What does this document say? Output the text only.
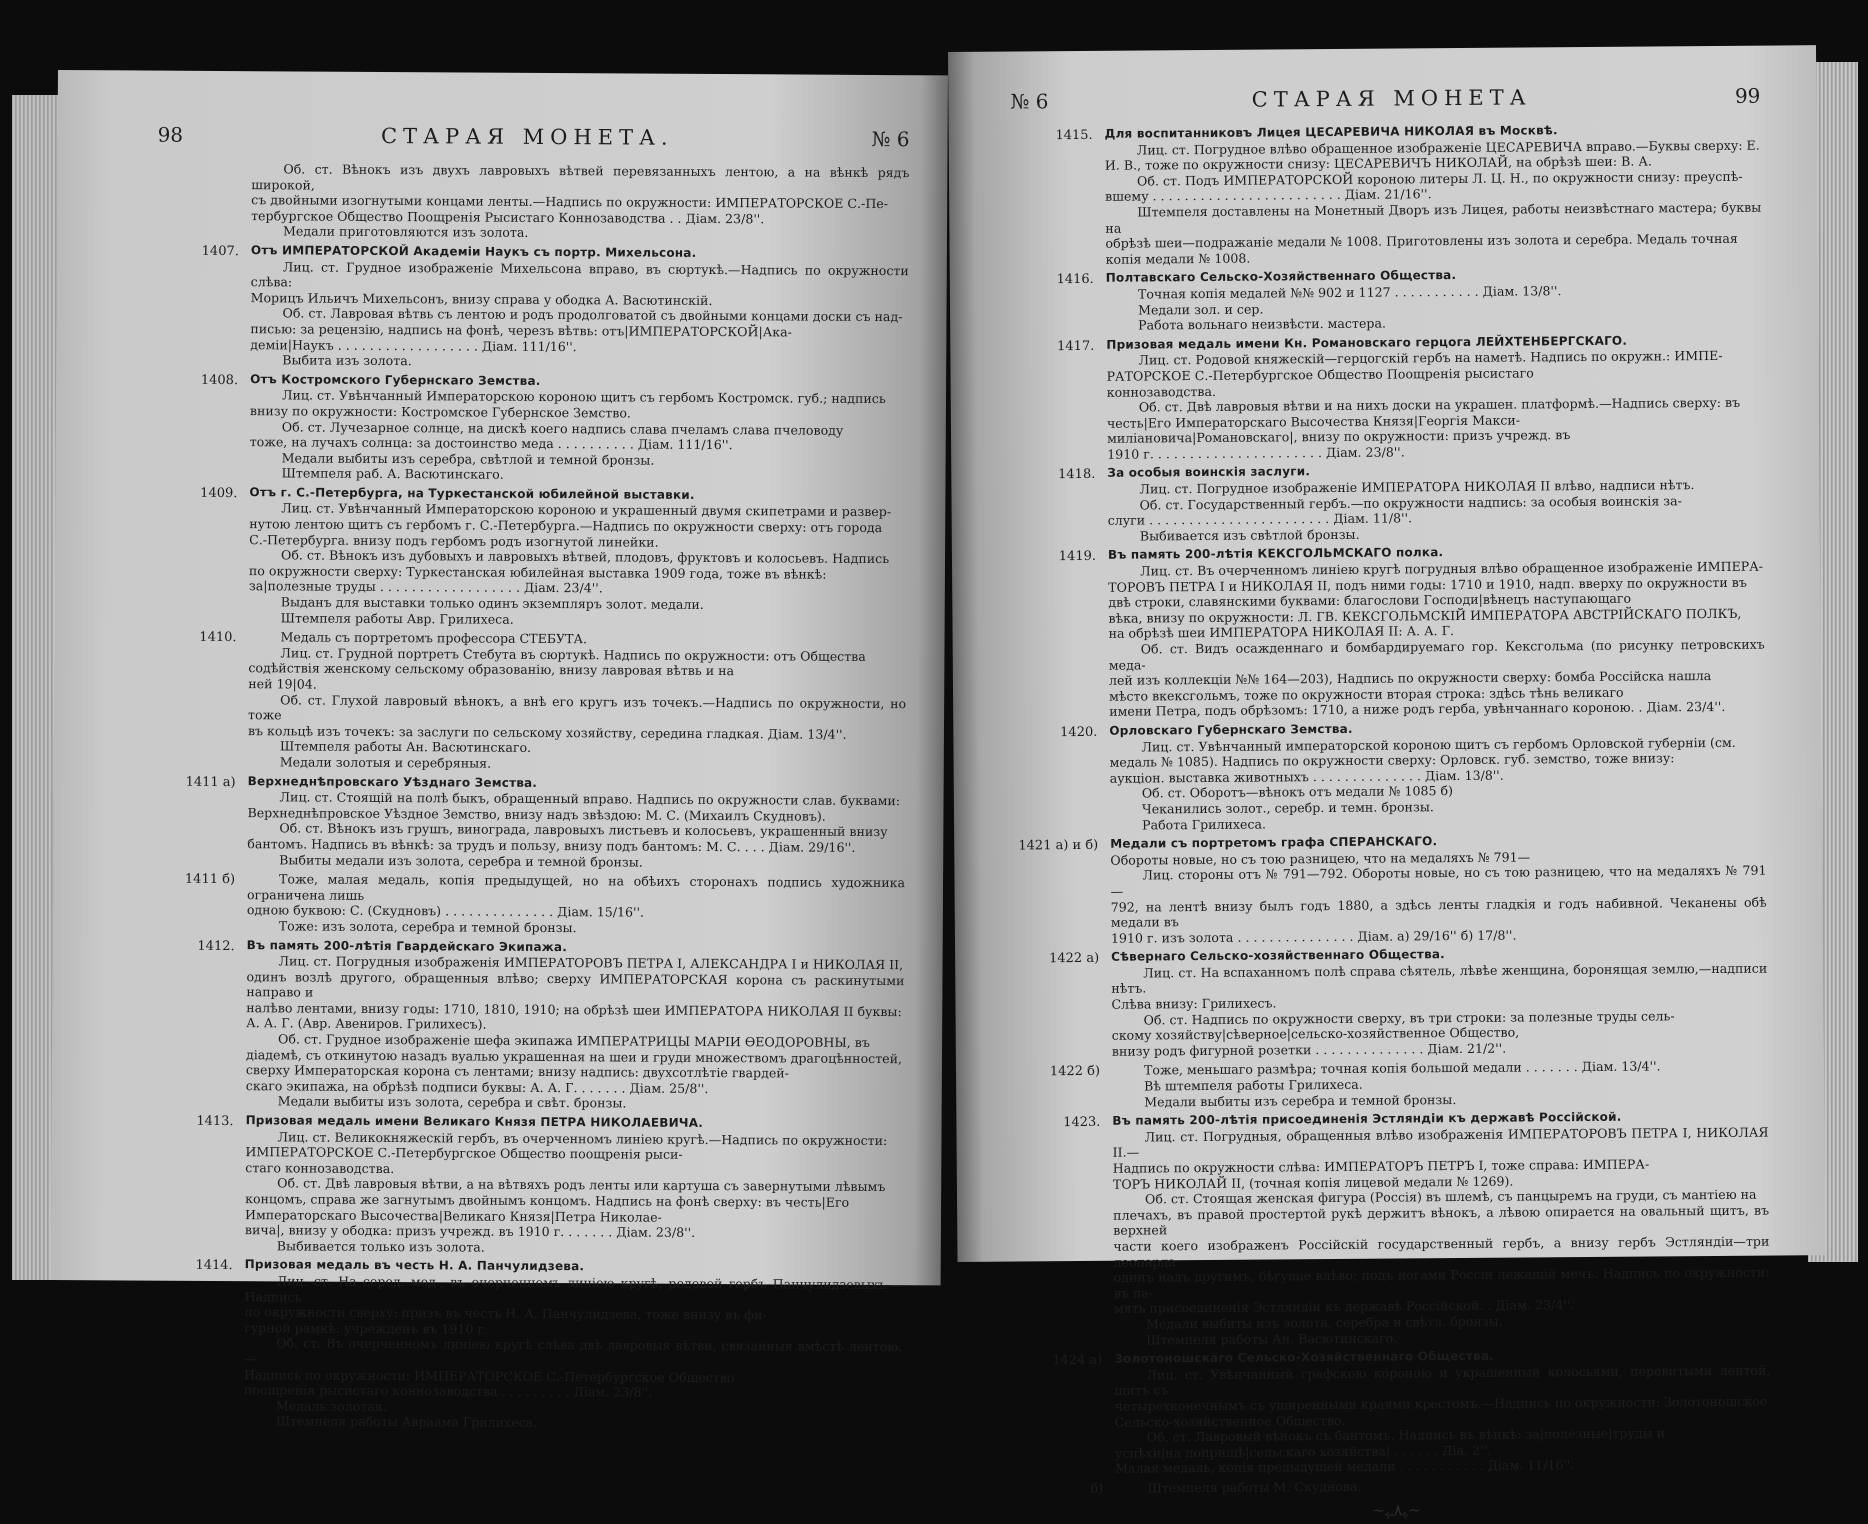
98	СТАРАЯ МОНЕТА.	№ 6
Об. ст. Вѣнокъ изъ двухъ лавровыхъ вѣтвей перевязанныхъ лентою, а на вѣнкѣ рядъ широкой,
съ двойными изогнутыми концами ленты.—Надпись по окружности: ИМПЕРАТОРСКОЕ С.-Пе-
тербургское Общество Поощренія Рысистаго Коннозаводства . . Діам. 23/8''.
Медали приготовляются изъ золота.
1407. Отъ ИМПЕРАТОРСКОЙ Академіи Наукъ съ портр. Михельсона.
Лиц. ст. Грудное изображеніе Михельсона вправо, въ сюртукѣ.—Надпись по окружности слѣва:
Морицъ Ильичъ Михельсонъ, внизу справа у ободка А. Васютинскій.
Об. ст. Лавровая вѣтвь съ лентою и родъ продолговатой съ двойными концами доски съ над-
писью: за рецензію, надпись на фонѣ, черезъ вѣтвь: отъ|ИМПЕРАТОРСКОЙ|Ака-
деміи|Наукъ . . . . . . . . . . . . . . . . . . Діам. 111/16''.
Выбита изъ золота.
1408. Отъ Костромского Губернскаго Земства.
Лиц. ст. Увѣнчанный Императорскою короною щитъ съ гербомъ Костромск. губ.; надпись
внизу по окружности: Костромское Губернское Земство.
Об. ст. Лучезарное солнце, на дискѣ коего надпись слава пчеламъ слава пчеловоду
тоже, на лучахъ солнца: за достоинство меда . . . . . . . . . . Діам. 111/16''.
Медали выбиты изъ серебра, свѣтлой и темной бронзы.
Штемпеля раб. А. Васютинскаго.
1409. Отъ г. С.-Петербурга, на Туркестанской юбилейной выставки.
Лиц. ст. Увѣнчанный Императорскою короною и украшенный двумя скипетрами и развер-
нутою лентою щитъ съ гербомъ г. С.-Петербурга.—Надпись по окружности сверху: отъ города
С.-Петербурга. внизу подъ гербомъ родъ изогнутой линейки.
Об. ст. Вѣнокъ изъ дубовыхъ и лавровыхъ вѣтвей, плодовъ, фруктовъ и колосьевъ. Надпись
по окружности сверху: Туркестанская юбилейная выставка 1909 года, тоже въ вѣнкѣ:
за|полезные труды . . . . . . . . . . . . . . . . . . Діам. 23/4''.
Выданъ для выставки только одинъ экземпляръ золот. медали.
Штемпеля работы Авр. Грилихеса.
1410.	Медаль съ портретомъ профессора СТЕБУТА.
Лиц. ст. Грудной портретъ Стебута въ сюртукѣ. Надпись по окружности: отъ Общества
содѣйствія женскому сельскому образованію, внизу лавровая вѣтвь и на
ней 19|04.
Об. ст. Глухой лавровый вѣнокъ, а внѣ его кругъ изъ точекъ.—Надпись по окружности, но тоже
въ кольцѣ изъ точекъ: за заслуги по сельскому хозяйству, середина гладкая. Діам. 13/4''.
Штемпеля работы Ан. Васютинскаго.
Медали золотыя и серебряныя.
1411 а) Верхнеднѣпровскаго Уѣзднаго Земства.
Лиц. ст. Стоящій на полѣ быкъ, обращенный вправо. Надпись по окружности слав. буквами:
Верхнеднѣпровское Уѣздное Земство, внизу надъ звѣздою: М. С. (Михаилъ Скудновъ).
Об. ст. Вѣнокъ изъ грушъ, винограда, лавровыхъ листьевъ и колосьевъ, украшенный внизу
бантомъ. Надпись въ вѣнкѣ: за трудъ и пользу, внизу подъ бантомъ: М. С. . . . Діам. 29/16''.
Выбиты медали изъ золота, серебра и темной бронзы.
1411 б)	Тоже, малая медаль, копія предыдущей, но на обѣихъ сторонахъ подпись художника ограничена лишь
одною буквою: С. (Скудновъ) . . . . . . . . . . . . . . Діам. 15/16''.
Тоже: изъ золота, серебра и темной бронзы.
1412. Въ память 200-лѣтія Гвардейскаго Экипажа.
Лиц. ст. Погрудныя изображенія ИМПЕРАТОРОВЪ ПЕТРА I, АЛЕКСАНДРА I и НИКОЛАЯ II,
одинъ возлѣ другого, обращенныя влѣво; сверху ИМПЕРАТОРСКАЯ корона съ раскинутыми направо и
налѣво лентами, внизу годы: 1710, 1810, 1910; на обрѣзѣ шеи ИМПЕРАТОРА НИКОЛАЯ II буквы:
А. А. Г. (Авр. Авениров. Грилихесъ).
Об. ст. Грудное изображеніе шефа экипажа ИМПЕРАТРИЦЫ МАРІИ ѲЕОДОРОВНЫ, въ
діадемѣ, съ откинутою назадъ вуалью украшенная на шеи и груди множествомъ драгоцѣнностей,
сверху Императорская корона съ лентами; внизу надпись: двухсотлѣтіе гвардей-
скаго экипажа, на обрѣзѣ подписи буквы: А. А. Г. . . . . . . Діам. 25/8''.
Медали выбиты изъ золота, серебра и свѣт. бронзы.
1413. Призовая медаль имени Великаго Князя ПЕТРА НИКОЛАЕВИЧА.
Лиц. ст. Великокняжескій гербъ, въ очерченномъ линіею кругѣ.—Надпись по окружности:
ИМПЕРАТОРСКОЕ С.-Петербургское Общество поощренія рыси-
стаго коннозаводства.
Об. ст. Двѣ лавровыя вѣтви, а на вѣтвяхъ родъ ленты или картуша съ завернутыми лѣвымъ
концомъ, справа же загнутымъ двойнымъ концомъ. Надпись на фонѣ сверху: въ честь|Его
Императорскаго Высочества|Великаго Князя|Петра Николае-
вича|, внизу у ободка: призъ учрежд. въ 1910 г. . . . . . . Діам. 23/8''.
Выбивается только изъ золота.
1414. Призовая медаль въ честь Н. А. Панчулидзева.
Лиц. ст. На серед. мед., въ очерченномъ линіею кругѣ, родовой гербъ Панчулидзевыхъ.—Надпись
по окружности сверху: призъ въ честь Н. А. Панчулидзева, тоже внизу въ фи-
гурной рамкѣ: учрежденъ въ 1910 г.
Об. ст. Въ очерченномъ линіею кругѣ слѣва двѣ лавровыя вѣтви, связанныя вмѣстѣ лентою.—
Надпись по окружности: ИМПЕРАТОРСКОЕ С.-Петербургское Общество
поощренія рысистаго коннозаводства . . . . . . . . . Діам. 23/8''.
Медаль золотая.
Штемпеля работы Авраама Грилихеса.
№ 6	СТАРАЯ МОНЕТА	99
1415. Для воспитанниковъ Лицея ЦЕСАРЕВИЧА НИКОЛАЯ въ Москвѣ.
Лиц. ст. Погрудное влѣво обращенное изображеніе ЦЕСАРЕВИЧА вправо.—Буквы сверху: Е.
И. В., тоже по окружности снизу: ЦЕСАРЕВИЧЪ НИКОЛАЙ, на обрѣзѣ шеи: В. А.
Об. ст. Подъ ИМПЕРАТОРСКОЙ короною литеры Л. Ц. Н., по окружности снизу: преуспѣ-
вшему . . . . . . . . . . . . . . . . . . . . . . . . Діам. 21/16''.
Штемпеля доставлены на Монетный Дворъ изъ Лицея, работы неизвѣстнаго мастера; буквы на
обрѣзѣ шеи—подражаніе медали № 1008. Приготовлены изъ золота и серебра. Медаль точная
копія медали № 1008.
1416. Полтавскаго Сельско-Хозяйственнаго Общества.
Точная копія медалей №№ 902 и 1127 . . . . . . . . . . . Діам. 13/8''.
Медали зол. и сер.
Работа вольнаго неизвѣсти. мастера.
1417. Призовая медаль имени Кн. Романовскаго герцога ЛЕЙХТЕНБЕРГСКАГО.
Лиц. ст. Родовой княжескій—герцогскій гербъ на наметѣ. Надпись по окружн.: ИМПЕ-
РАТОРСКОЕ С.-Петербургское Общество Поощренія рысистаго
коннозаводства.
Об. ст. Двѣ лавровыя вѣтви и на нихъ доски на украшен. платформѣ.—Надпись сверху: въ
честь|Его Императорскаго Высочества Князя|Георгія Макси-
миліановича|Романовскаго|, внизу по окружности: призъ учрежд. въ
1910 г. . . . . . . . . . . . . . . . . . . . . . Діам. 23/8''.
1418. За особыя воинскія заслуги.
Лиц. ст. Погрудное изображеніе ИМПЕРАТОРА НИКОЛАЯ II влѣво, надписи нѣтъ.
Об. ст. Государственный гербъ.—по окружности надпись: за особыя воинскія за-
слуги . . . . . . . . . . . . . . . . . . . . . . . Діам. 11/8''.
Выбивается изъ свѣтлой бронзы.
1419. Въ память 200-лѣтія КЕКСГОЛЬМСКАГО полка.
Лиц. ст. Въ очерченномъ линіею кругѣ погрудныя влѣво обращенное изображеніе ИМПЕРА-
ТОРОВЪ ПЕТРА I и НИКОЛАЯ II, подъ ними годы: 1710 и 1910, надп. вверху по окружности въ
двѣ строки, славянскими буквами: благослови Господи|вѣнецъ наступающаго
вѣка, внизу по окружности: Л. ГВ. КЕКСГОЛЬМСКІЙ ИМПЕРАТОРА АВСТРІЙСКАГО ПОЛКЪ,
на обрѣзѣ шеи ИМПЕРАТОРА НИКОЛАЯ II: А. А. Г.
Об. ст. Видъ осажденнаго и бомбардируемаго гор. Кексгольма (по рисунку петровскихъ меда-
лей изъ коллекціи №№ 164—203), Надпись по окружности сверху: бомба Россійска нашла
мѣсто вкексгольмъ, тоже по окружности вторая строка: здѣсь тѣнь великаго
имени Петра, подъ обрѣзомъ: 1710, а ниже родъ герба, увѣнчаннаго короною. . Діам. 23/4''.
1420. Орловскаго Губернскаго Земства.
Лиц. ст. Увѣнчанный императорской короною щитъ съ гербомъ Орловской губерніи (см.
медаль № 1085). Надпись по окружности сверху: Орловск. губ. земство, тоже внизу:
аукціон. выставка животныхъ . . . . . . . . . . . . . . Діам. 13/8''.
Об. ст. Оборотъ—вѣнокъ отъ медали № 1085 б)
Чеканились золот., серебр. и темн. бронзы.
Работа Грилихеса.
1421 а) и б) Медали съ портретомъ графа СПЕРАНСКАГО.
Обороты новые, но съ тою разницею, что на медаляхъ № 791—
Лиц. стороны отъ № 791—792. Обороты новые, но съ тою разницею, что на медаляхъ № 791—
792, на лентѣ внизу былъ годъ 1880, а здѣсь ленты гладкія и годъ набивной. Чеканены обѣ медали въ
1910 г. изъ золота . . . . . . . . . . . . . . . Діам. а) 29/16'' б) 17/8''.
1422 а) Сѣвернаго Сельско-хозяйственнаго Общества.
Лиц. ст. На вспаханномъ полѣ справа сѣятель, лѣвѣе женщина, боронящая землю,—надписи нѣтъ.
Слѣва внизу: Грилихесъ.
Об. ст. Надпись по окружности сверху, въ три строки: за полезные труды сель-
скому хозяйству|сѣверное|сельско-хозяйственное Общество,
внизу родъ фигурной розетки . . . . . . . . . . . . . . Діам. 21/2''.
1422 б)	Тоже, меньшаго размѣра; точная копія большой медали . . . . . . . Діам. 13/4''.
Вѣ штемпеля работы Грилихеса.
Медали выбиты изъ серебра и темной бронзы.
1423. Въ память 200-лѣтія присоединенія Эстляндіи къ державѣ Россійской.
Лиц. ст. Погрудныя, обращенныя влѣво изображенія ИМПЕРАТОРОВЪ ПЕТРА I, НИКОЛАЯ II.—
Надпись по окружности слѣва: ИМПЕРАТОРЪ ПЕТРЪ I, тоже справа: ИМПЕРА-
ТОРЪ НИКОЛАЙ II, (точная копія лицевой медали № 1269).
Об. ст. Стоящая женская фигура (Россія) въ шлемѣ, съ панцыремъ на груди, съ мантіею на
плечахъ, въ правой простертой рукѣ держитъ вѣнокъ, а лѣвою опирается на овальный щитъ, въ верхней
части коего изображенъ Россійскій государственный гербъ, а внизу гербъ Эстляндіи—три леопарда
одинъ надъ другимъ, бѣгущіе влѣво; подъ ногами Россіи лежащій мечъ. Надпись по окружности: въ па-
мять присоединенія Эстляндіи къ державѣ Россійской. . Діам. 23/4''.
Медали выбиты изъ золота, серебра и свѣтл. бронзы.
Штемпеля работы Ан. Васютинскаго.
1424 а) Золотоношскаго Сельско-Хозяйственнаго Общества.
Лиц. ст. Увѣнчанный графскою короною и украшенный колосьями, перевитыми лентой, щитъ съ
четырехконечнымъ съ уширенными краями крестомъ.—Надпись по окружности: Золотоношское
Сельско-хозяйственное Общество.
Об. ст. Лавровый вѣнокъ съ бантомъ. Надпись въ вѣнкѣ: за|полезные|труды и
успѣхи|на поприщѣ|сельскаго хозяйства| . . . . . . Діа. 2''.
Малая медаль, копія предыдущей медали . . . . . . . . . . . Діам. 11/16''.
б)	Штемпеля работы М. Скуднова.
~ﮩ٨ـﮩ~
